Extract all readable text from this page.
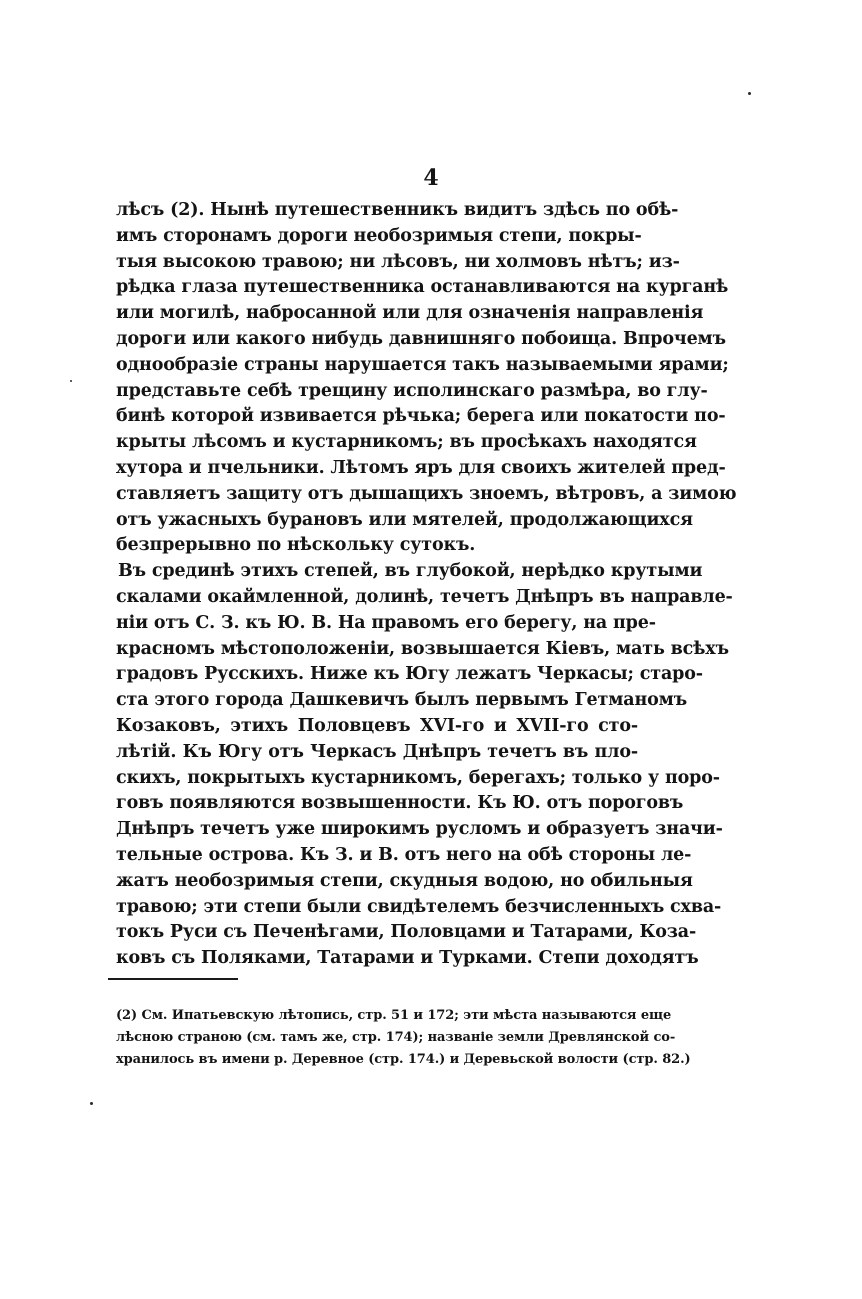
4
лѣсъ (2). Нынѣ путешественникъ видитъ здѣсь по обѣ-
имъ сторонамъ дороги необозримыя степи, покры-
тыя высокою травою; ни лѣсовъ, ни холмовъ нѣтъ; из-
рѣдка глаза путешественника останавливаются на курганѣ
или могилѣ, набросанной или для означенія направленія
дороги или какого нибудь давнишняго побоища. Впрочемъ
однообразіе страны нарушается такъ называемыми ярами;
представьте себѣ трещину исполинскаго размѣра, во глу-
бинѣ которой извивается рѣчька; берега или покатости по-
крыты лѣсомъ и кустарникомъ; въ просѣкахъ находятся
хутора и пчельники. Лѣтомъ яръ для своихъ жителей пред-
ставляетъ защиту отъ дышащихъ зноемъ, вѣтровъ, а зимою
отъ ужасныхъ бурановъ или мятелей, продолжающихся
безпрерывно по нѣскольку сутокъ.
Въ срединѣ этихъ степей, въ глубокой, нерѣдко крутыми
скалами окаймленной, долинѣ, течетъ Днѣпръ въ направле-
ніи отъ С. З. къ Ю. В. На правомъ его берегу, на пре-
красномъ мѣстоположеніи, возвышается Кіевъ, мать всѣхъ
градовъ Русскихъ. Ниже къ Югу лежатъ Черкасы; старо-
ста этого города Дашкевичъ былъ первымъ Гетманомъ
Козаковъ, этихъ Половцевъ XVI-го и XVII-го сто-
лѣтій. Къ Югу отъ Черкасъ Днѣпръ течетъ въ пло-
скихъ, покрытыхъ кустарникомъ, берегахъ; только у поро-
говъ появляются возвышенности. Къ Ю. отъ пороговъ
Днѣпръ течетъ уже широкимъ русломъ и образуетъ значи-
тельные острова. Къ З. и В. отъ него на обѣ стороны ле-
жатъ необозримыя степи, скудныя водою, но обильныя
травою; эти степи были свидѣтелемъ безчисленныхъ схва-
токъ Руси съ Печенѣгами, Половцами и Татарами, Коза-
ковъ съ Поляками, Татарами и Турками. Степи доходятъ
(2) См. Ипатьевскую лѣтопись, стр. 51 и 172; эти мѣста называются еще
лѣсною страною (см. тамъ же, стр. 174); названіе земли Древлянской со-
хранилось въ имени р. Деревное (стр. 174.) и Деревьской волости (стр. 82.)
